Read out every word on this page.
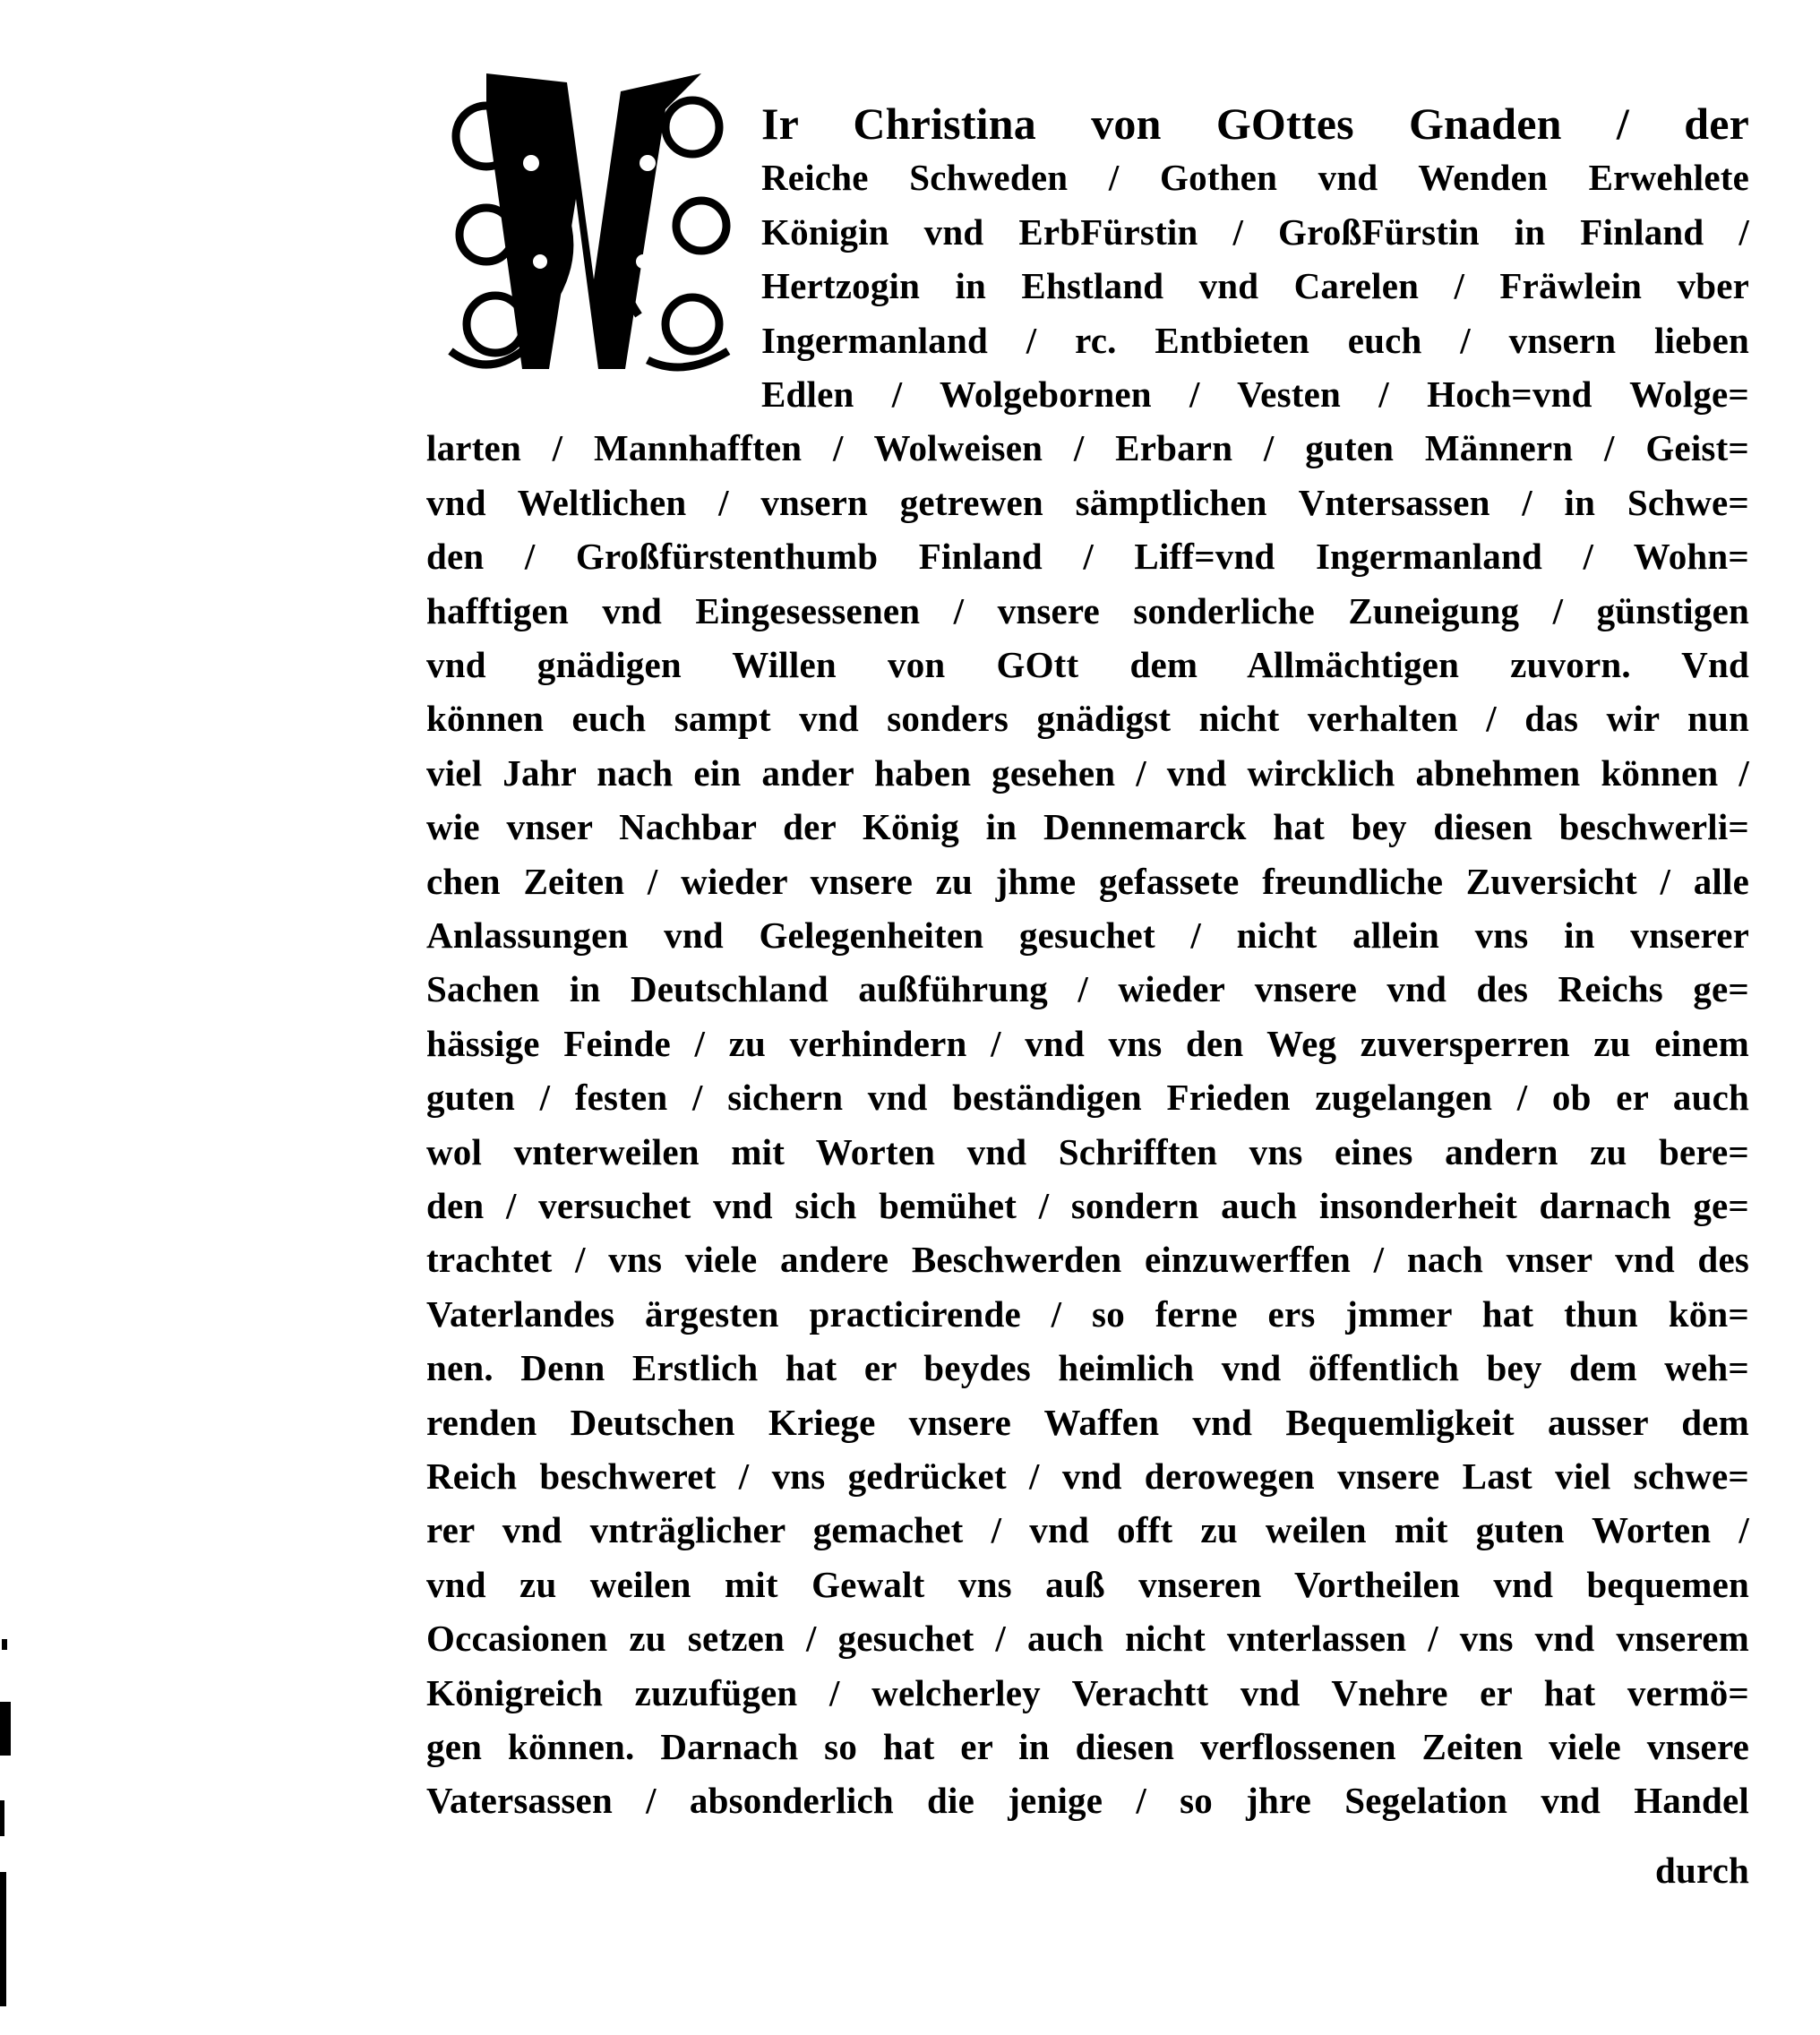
Ir Christina von GOttes Gnaden / der
Reiche Schweden / Gothen vnd Wenden Erwehlete
Königin vnd ErbFürstin / GroßFürstin in Finland /
Hertzogin in Ehstland vnd Carelen / Fräwlein vber
Ingermanland / rc. Entbieten euch / vnsern lieben
Edlen / Wolgebornen / Vesten / Hoch=vnd Wolge=
larten / Mannhafften / Wolweisen / Erbarn / guten Männern / Geist=
vnd Weltlichen / vnsern getrewen sämptlichen Vntersassen / in Schwe=
den / Großfürstenthumb Finland / Liff=vnd Ingermanland / Wohn=
hafftigen vnd Eingesessenen / vnsere sonderliche Zuneigung / günstigen
vnd gnädigen Willen von GOtt dem Allmächtigen zuvorn. Vnd
können euch sampt vnd sonders gnädigst nicht verhalten / das wir nun
viel Jahr nach ein ander haben gesehen / vnd wircklich abnehmen können /
wie vnser Nachbar der König in Dennemarck hat bey diesen beschwerli=
chen Zeiten / wieder vnsere zu jhme gefassete freundliche Zuversicht / alle
Anlassungen vnd Gelegenheiten gesuchet / nicht allein vns in vnserer
Sachen in Deutschland außführung / wieder vnsere vnd des Reichs ge=
hässige Feinde / zu verhindern / vnd vns den Weg zuversperren zu einem
guten / festen / sichern vnd beständigen Frieden zugelangen / ob er auch
wol vnterweilen mit Worten vnd Schrifften vns eines andern zu bere=
den / versuchet vnd sich bemühet / sondern auch insonderheit darnach ge=
trachtet / vns viele andere Beschwerden einzuwerffen / nach vnser vnd des
Vaterlandes ärgesten practicirende / so ferne ers jmmer hat thun kön=
nen. Denn Erstlich hat er beydes heimlich vnd öffentlich bey dem weh=
renden Deutschen Kriege vnsere Waffen vnd Bequemligkeit ausser dem
Reich beschweret / vns gedrücket / vnd derowegen vnsere Last viel schwe=
rer vnd vnträglicher gemachet / vnd offt zu weilen mit guten Worten /
vnd zu weilen mit Gewalt vns auß vnseren Vortheilen vnd bequemen
Occasionen zu setzen / gesuchet / auch nicht vnterlassen / vns vnd vnserem
Königreich zuzufügen / welcherley Verachtt vnd Vnehre er hat vermö=
gen können. Darnach so hat er in diesen verflossenen Zeiten viele vnsere
Vatersassen / absonderlich die jenige / so jhre Segelation vnd Handel
durch
